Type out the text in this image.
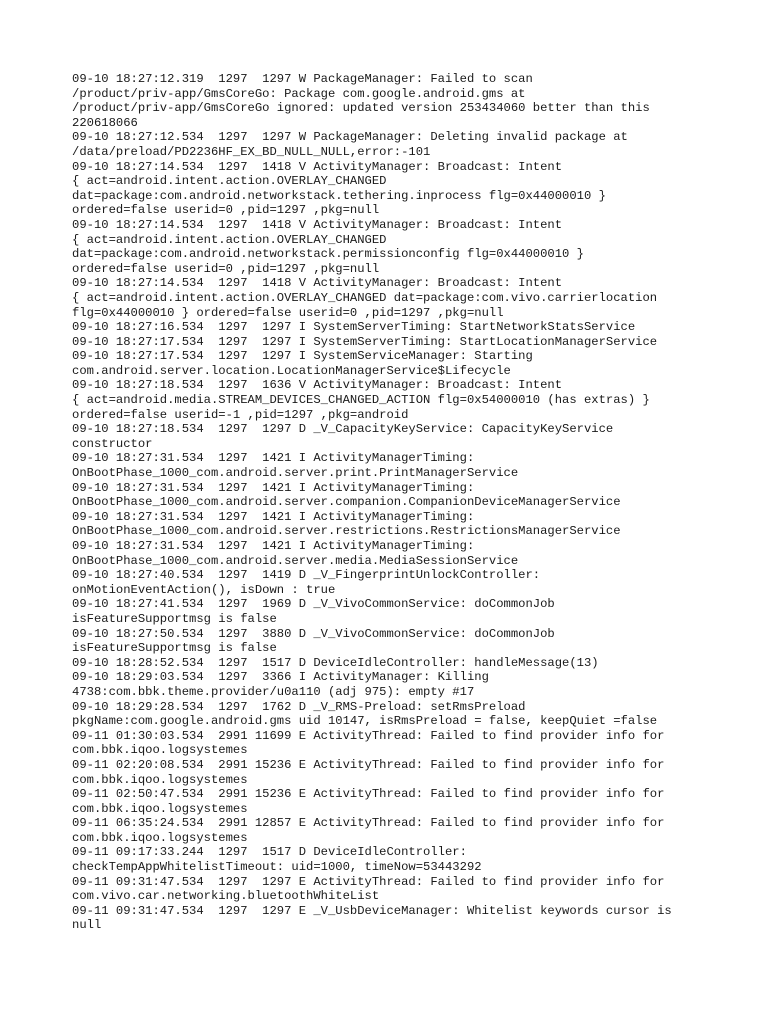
09-10 18:27:12.319  1297  1297 W PackageManager: Failed to scan
/product/priv-app/GmsCoreGo: Package com.google.android.gms at
/product/priv-app/GmsCoreGo ignored: updated version 253434060 better than this
220618066
09-10 18:27:12.534  1297  1297 W PackageManager: Deleting invalid package at
/data/preload/PD2236HF_EX_BD_NULL_NULL,error:-101
09-10 18:27:14.534  1297  1418 V ActivityManager: Broadcast: Intent
{ act=android.intent.action.OVERLAY_CHANGED
dat=package:com.android.networkstack.tethering.inprocess flg=0x44000010 }
ordered=false userid=0 ,pid=1297 ,pkg=null
09-10 18:27:14.534  1297  1418 V ActivityManager: Broadcast: Intent
{ act=android.intent.action.OVERLAY_CHANGED
dat=package:com.android.networkstack.permissionconfig flg=0x44000010 }
ordered=false userid=0 ,pid=1297 ,pkg=null
09-10 18:27:14.534  1297  1418 V ActivityManager: Broadcast: Intent
{ act=android.intent.action.OVERLAY_CHANGED dat=package:com.vivo.carrierlocation
flg=0x44000010 } ordered=false userid=0 ,pid=1297 ,pkg=null
09-10 18:27:16.534  1297  1297 I SystemServerTiming: StartNetworkStatsService
09-10 18:27:17.534  1297  1297 I SystemServerTiming: StartLocationManagerService
09-10 18:27:17.534  1297  1297 I SystemServiceManager: Starting
com.android.server.location.LocationManagerService$Lifecycle
09-10 18:27:18.534  1297  1636 V ActivityManager: Broadcast: Intent
{ act=android.media.STREAM_DEVICES_CHANGED_ACTION flg=0x54000010 (has extras) }
ordered=false userid=-1 ,pid=1297 ,pkg=android
09-10 18:27:18.534  1297  1297 D _V_CapacityKeyService: CapacityKeyService
constructor
09-10 18:27:31.534  1297  1421 I ActivityManagerTiming:
OnBootPhase_1000_com.android.server.print.PrintManagerService
09-10 18:27:31.534  1297  1421 I ActivityManagerTiming:
OnBootPhase_1000_com.android.server.companion.CompanionDeviceManagerService
09-10 18:27:31.534  1297  1421 I ActivityManagerTiming:
OnBootPhase_1000_com.android.server.restrictions.RestrictionsManagerService
09-10 18:27:31.534  1297  1421 I ActivityManagerTiming:
OnBootPhase_1000_com.android.server.media.MediaSessionService
09-10 18:27:40.534  1297  1419 D _V_FingerprintUnlockController:
onMotionEventAction(), isDown : true
09-10 18:27:41.534  1297  1969 D _V_VivoCommonService: doCommonJob
isFeatureSupportmsg is false
09-10 18:27:50.534  1297  3880 D _V_VivoCommonService: doCommonJob
isFeatureSupportmsg is false
09-10 18:28:52.534  1297  1517 D DeviceIdleController: handleMessage(13)
09-10 18:29:03.534  1297  3366 I ActivityManager: Killing
4738:com.bbk.theme.provider/u0a110 (adj 975): empty #17
09-10 18:29:28.534  1297  1762 D _V_RMS-Preload: setRmsPreload
pkgName:com.google.android.gms uid 10147, isRmsPreload = false, keepQuiet =false
09-11 01:30:03.534  2991 11699 E ActivityThread: Failed to find provider info for
com.bbk.iqoo.logsystemes
09-11 02:20:08.534  2991 15236 E ActivityThread: Failed to find provider info for
com.bbk.iqoo.logsystemes
09-11 02:50:47.534  2991 15236 E ActivityThread: Failed to find provider info for
com.bbk.iqoo.logsystemes
09-11 06:35:24.534  2991 12857 E ActivityThread: Failed to find provider info for
com.bbk.iqoo.logsystemes
09-11 09:17:33.244  1297  1517 D DeviceIdleController:
checkTempAppWhitelistTimeout: uid=1000, timeNow=53443292
09-11 09:31:47.534  1297  1297 E ActivityThread: Failed to find provider info for
com.vivo.car.networking.bluetoothWhiteList
09-11 09:31:47.534  1297  1297 E _V_UsbDeviceManager: Whitelist keywords cursor is
null
